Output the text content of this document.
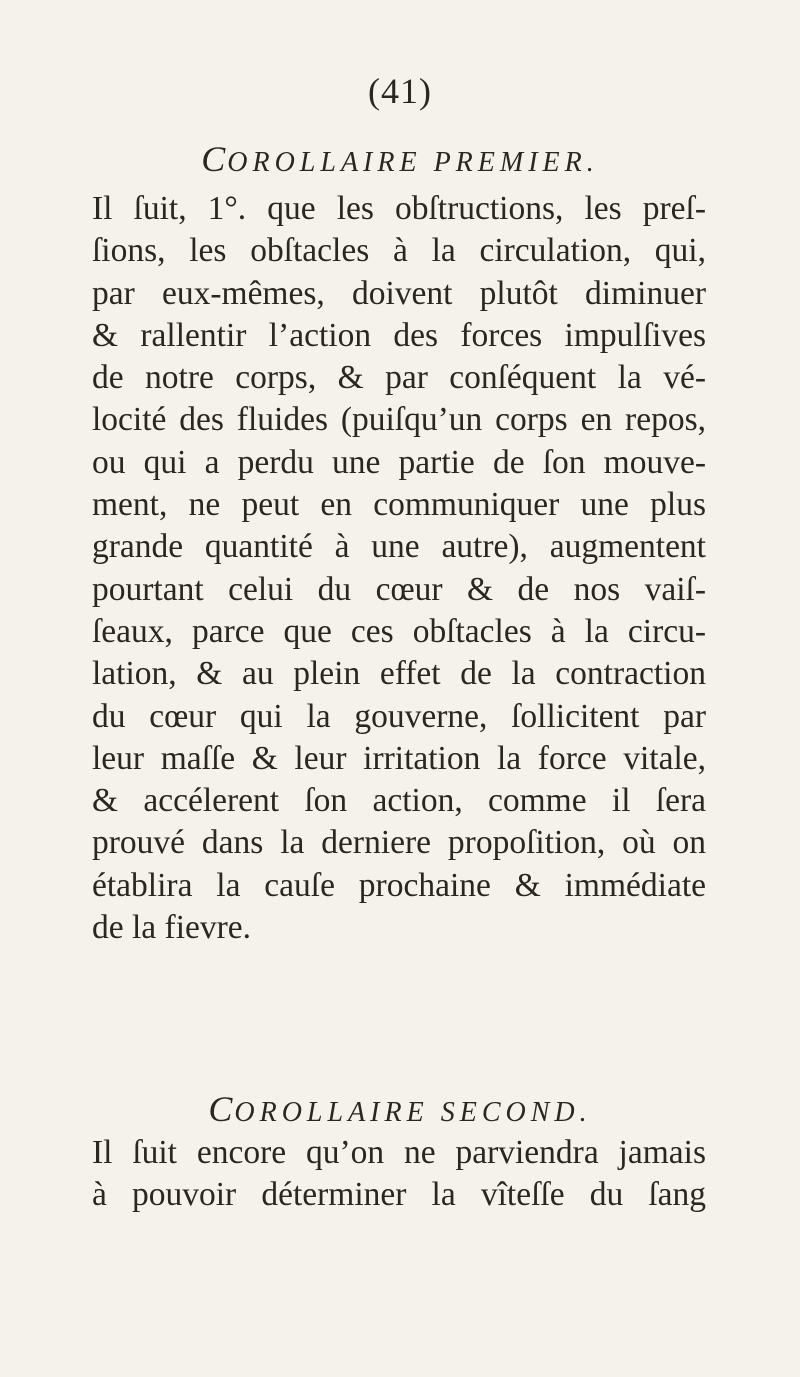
(41)
COROLLAIRE PREMIER.
Il ſuit, 1°. que les obſtructions, les preſ-
ſions, les obſtacles à la circulation, qui,
par eux-mêmes, doivent plutôt diminuer
& rallentir l’action des forces impulſives
de notre corps, & par conſéquent la vé-
locité des fluides (puiſqu’un corps en repos,
ou qui a perdu une partie de ſon mouve-
ment, ne peut en communiquer une plus
grande quantité à une autre), augmentent
pourtant celui du cœur & de nos vaiſ-
ſeaux, parce que ces obſtacles à la circu-
lation, & au plein effet de la contraction
du cœur qui la gouverne, ſollicitent par
leur maſſe & leur irritation la force vitale,
& accélerent ſon action, comme il ſera
prouvé dans la derniere propoſition, où on
établira la cauſe prochaine & immédiate
de la fievre.
COROLLAIRE SECOND.
Il ſuit encore qu’on ne parviendra jamais
à pouvoir déterminer la vîteſſe du ſang
